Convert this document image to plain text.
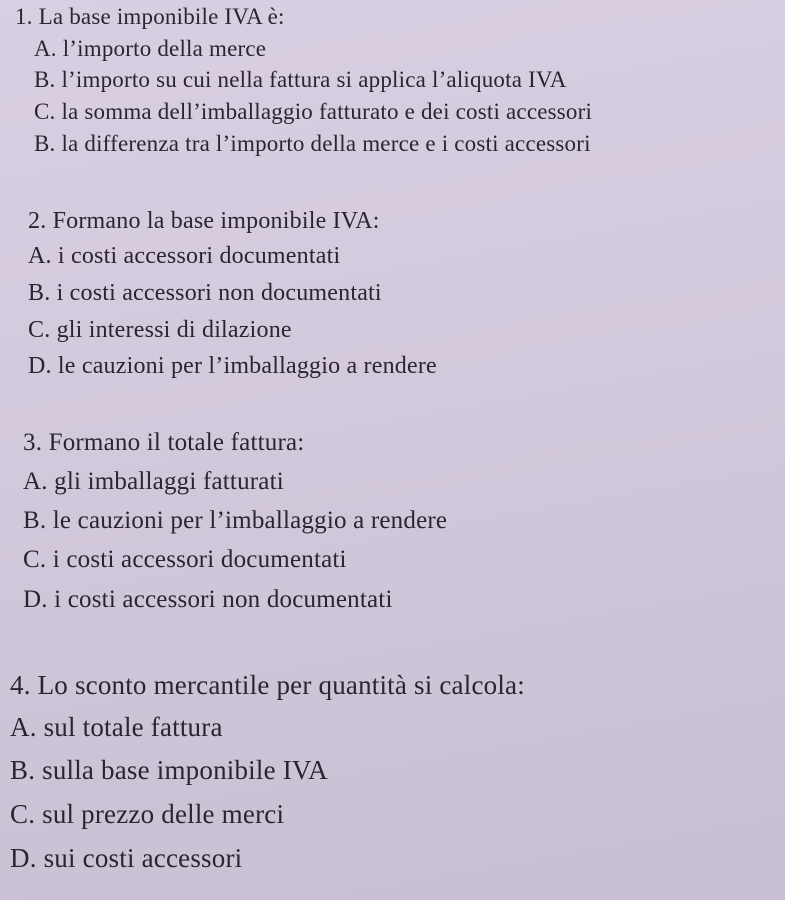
1. La base imponibile IVA è:
A. l’importo della merce
B. l’importo su cui nella fattura si applica l’aliquota IVA
C. la somma dell’imballaggio fatturato e dei costi accessori
B. la differenza tra l’importo della merce e i costi accessori
2. Formano la base imponibile IVA:
A. i costi accessori documentati
B. i costi accessori non documentati
C. gli interessi di dilazione
D. le cauzioni per l’imballaggio a rendere
3. Formano il totale fattura:
A. gli imballaggi fatturati
B. le cauzioni per l’imballaggio a rendere
C. i costi accessori documentati
D. i costi accessori non documentati
4. Lo sconto mercantile per quantità si calcola:
A. sul totale fattura
B. sulla base imponibile IVA
C. sul prezzo delle merci
D. sui costi accessori
